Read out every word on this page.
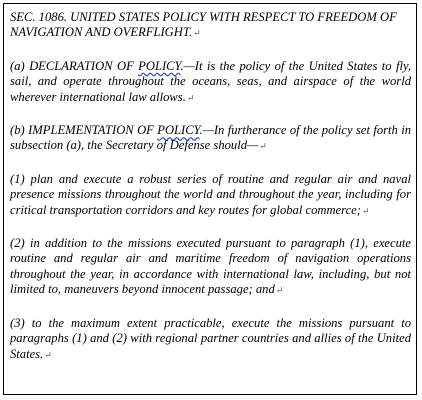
SEC. 1086. UNITED STATES POLICY WITH RESPECT TO FREEDOM OF NAVIGATION AND OVERFLIGHT.↵

(a) DECLARATION OF POLICY.—It is the policy of the United States to fly, sail, and operate throughout the oceans, seas, and airspace of the world wherever international law allows.↵

(b) IMPLEMENTATION OF POLICY.—In furtherance of the policy set forth in subsection (a), the Secretary of Defense should—↵

(1) plan and execute a robust series of routine and regular air and naval presence missions throughout the world and throughout the year, including for critical transportation corridors and key routes for global commerce;↵

(2) in addition to the missions executed pursuant to paragraph (1), execute routine and regular air and maritime freedom of navigation operations throughout the year, in accordance with international law, including, but not limited to, maneuvers beyond innocent passage; and↵

(3) to the maximum extent practicable, execute the missions pursuant to paragraphs (1) and (2) with regional partner countries and allies of the United States.↵
